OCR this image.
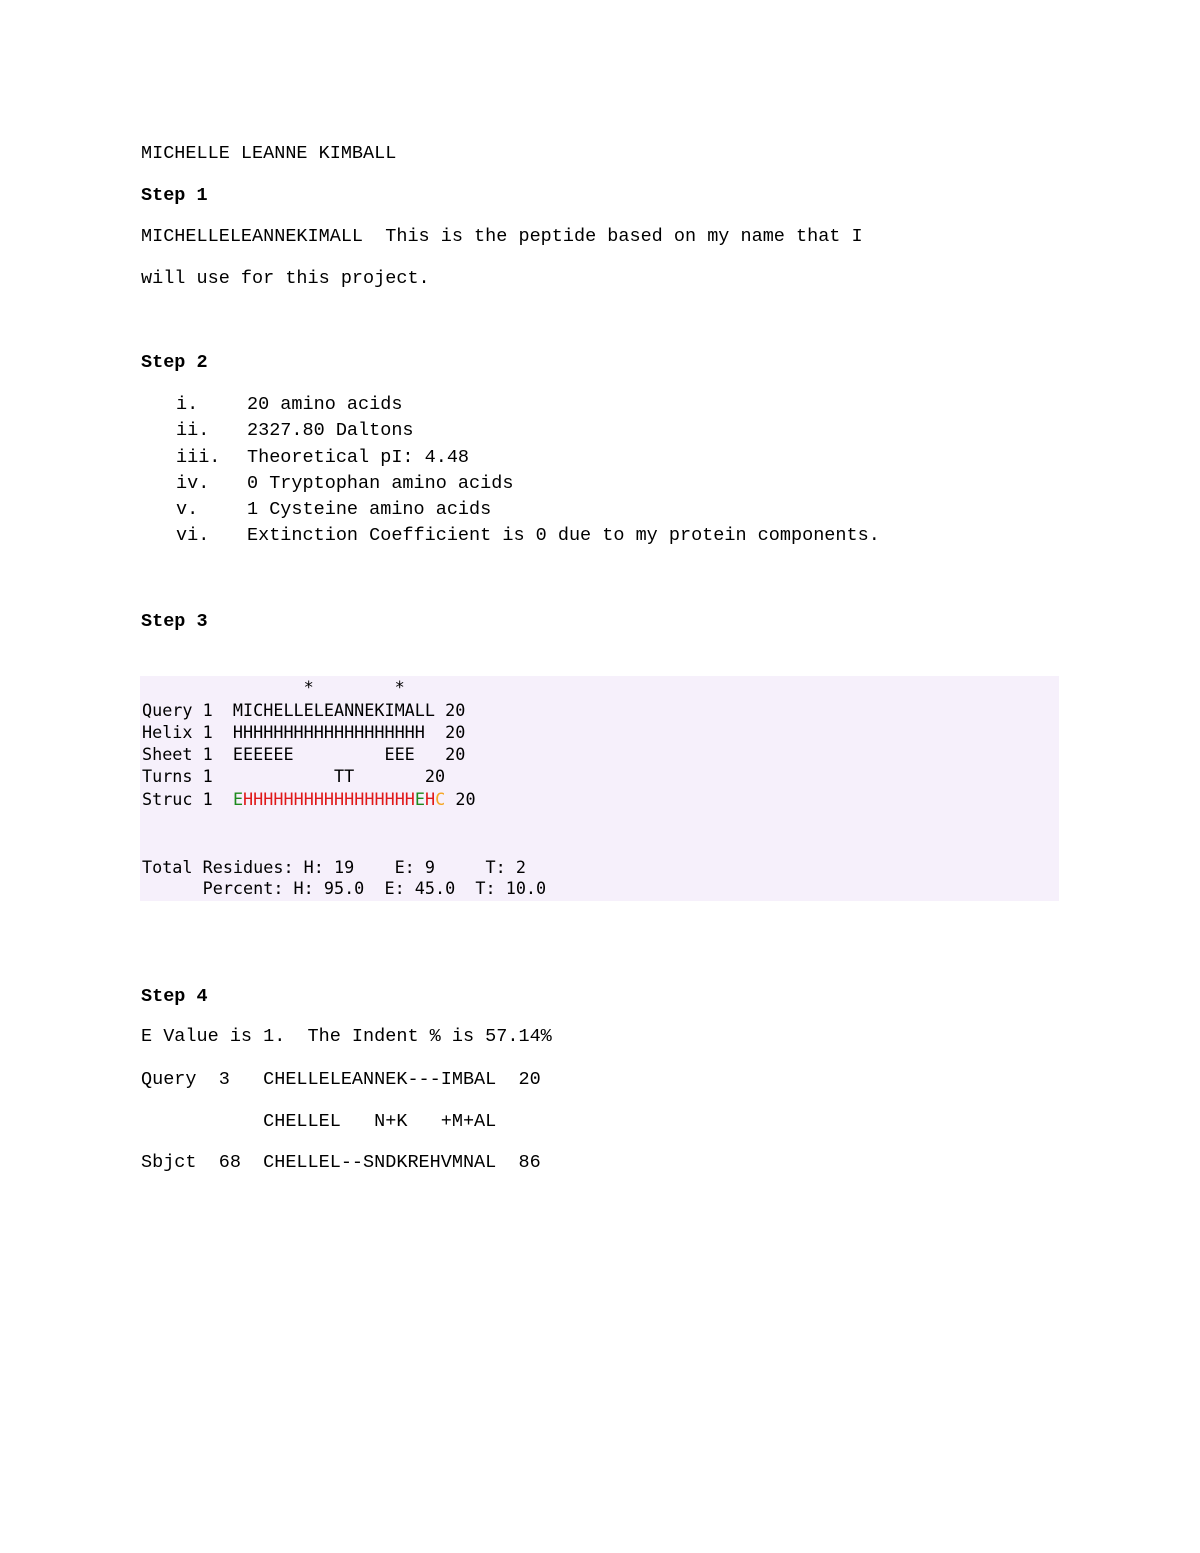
MICHELLE LEANNE KIMBALL
Step 1
MICHELLELEANNEKIMALL  This is the peptide based on my name that I
will use for this project.
Step 2
i.	20 amino acids
ii. 2327.80 Daltons
iii. Theoretical pI: 4.48
iv. 0 Tryptophan amino acids
v.	1 Cysteine amino acids
vi. Extinction Coefficient is 0 due to my protein components.
Step 3
*        *
Query 1  MICHELLELEANNEKIMALL 20
Helix 1  HHHHHHHHHHHHHHHHHHH  20
Sheet 1  EEEEEE         EEE   20
Turns 1            TT       20
Struc 1  EHHHHHHHHHHHHHHHHHEHC 20
Total Residues: H: 19    E: 9     T: 2
Percent: H: 95.0  E: 45.0  T: 10.0
Step 4
E Value is 1.  The Indent % is 57.14%
Query  3   CHELLELEANNEK---IMBAL  20
CHELLEL   N+K   +M+AL
Sbjct  68  CHELLEL--SNDKREHVMNAL  86
